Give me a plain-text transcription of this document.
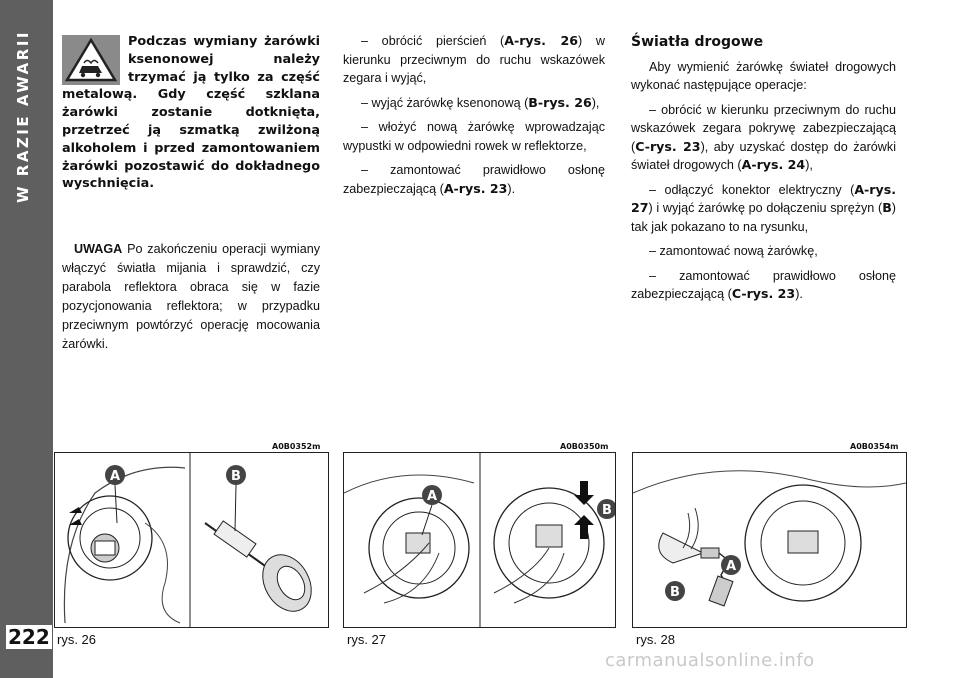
W RAZIE AWARII
222
Podczas wymiany żarówki ksenonowej należy trzymać ją tylko za część metalową. Gdy część szklana żarówki zostanie dotknięta, przetrzeć ją szmatką zwilżoną alkoholem i przed zamontowaniem żarówki pozostawić do dokładnego wyschnięcia.
UWAGA Po zakończeniu operacji wymiany włączyć światła mijania i sprawdzić, czy parabola reflektora obraca się w fazie pozycjonowania reflektora; w przypadku przeciwnym powtórzyć operację mocowania żarówki.

– obrócić pierścień (A-rys. 26) w kierunku przeciwnym do ruchu wskazówek zegara i wyjąć,

– wyjąć żarówkę ksenonową (B-rys. 26),

– włożyć nową żarówkę wprowadzając wypustki w odpowiedni rowek w reflektorze,

– zamontować prawidłowo osłonę zabezpieczającą (A-rys. 23).

Światła drogowe

Aby wymienić żarówkę świateł drogowych wykonać następujące operacje:

– obrócić w kierunku przeciwnym do ruchu wskazówek zegara pokrywę zabezpieczającą (C-rys. 23), aby uzyskać dostęp do żarówki świateł drogowych (A-rys. 24),

– odłączyć konektor elektryczny (A-rys. 27) i wyjąć żarówkę po dołączeniu sprężyn (B) tak jak pokazano to na rysunku,

– zamontować nową żarówkę,

– zamontować prawidłowo osłonę zabezpieczającą (C-rys. 23).

A0B0352m	A0B0350m	A0B0354m
A	B
A
B
A
B
rys. 26	rys. 27	rys. 28
carmanualsonline.info
